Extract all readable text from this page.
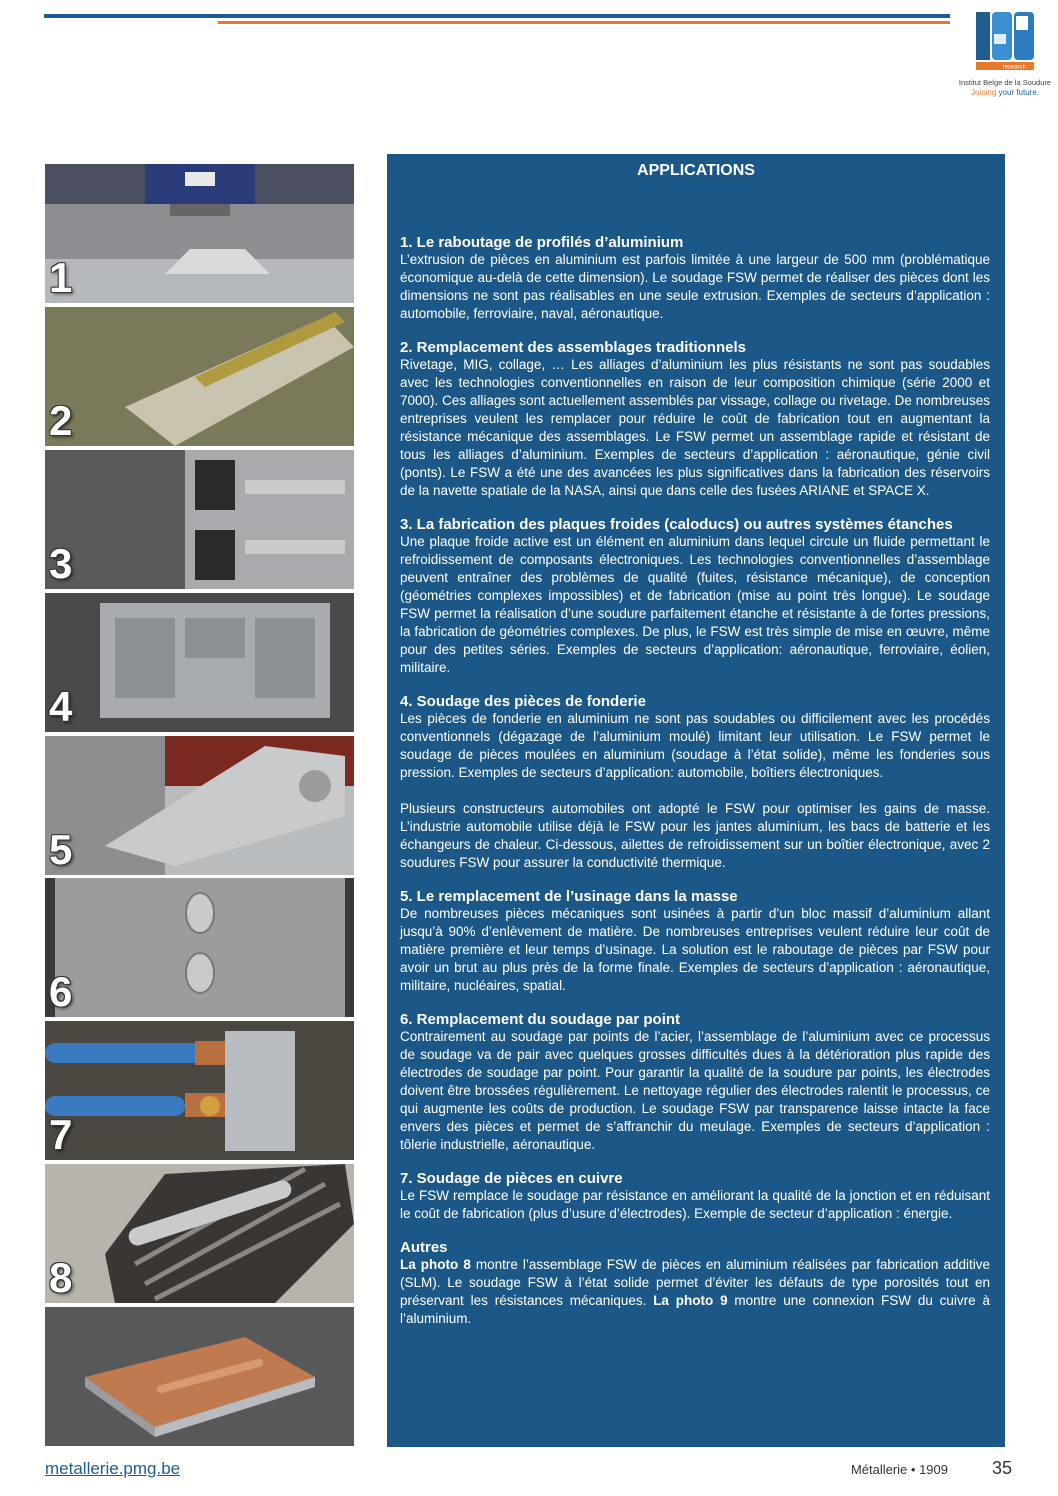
research
Institut Belge de la Soudure
Joining your future.
1
2
3
4
5
6
7
8
APPLICATIONS

1. Le raboutage de profilés d’aluminium

L’extrusion de pièces en aluminium est parfois limitée à une largeur de 500 mm (problématique économique au-delà de cette dimension). Le soudage FSW permet de réaliser des pièces dont les dimensions ne sont pas réalisables en une seule extrusion. Exemples de secteurs d’application : automobile, ferroviaire, naval, aéronautique.

2. Remplacement des assemblages traditionnels

Rivetage, MIG, collage, … Les alliages d’aluminium les plus résistants ne sont pas soudables avec les technologies conventionnelles en raison de leur composition chimique (série 2000 et 7000). Ces alliages sont actuellement assemblés par vissage, collage ou rivetage. De nombreuses entreprises veulent les remplacer pour réduire le coût de fabrication tout en augmentant la résistance mécanique des assemblages. Le FSW permet un assemblage rapide et résistant de tous les alliages d’aluminium. Exemples de secteurs d’application : aéronautique, génie civil (ponts). Le FSW a été une des avancées les plus significatives dans la fabrication des réservoirs de la navette spatiale de la NASA, ainsi que dans celle des fusées ARIANE et SPACE X.

3. La fabrication des plaques froides (caloducs) ou autres systèmes étanches

Une plaque froide active est un élément en aluminium dans lequel circule un fluide permettant le refroidissement de composants électroniques. Les technologies conventionnelles d’assemblage peuvent entraîner des problèmes de qualité (fuites, résistance mécanique), de conception (géométries complexes impossibles) et de fabrication (mise au point très longue). Le soudage FSW permet la réalisation d’une soudure parfaitement étanche et résistante à de fortes pressions, la fabrication de géométries complexes. De plus, le FSW est très simple de mise en œuvre, même pour des petites séries. Exemples de secteurs d’application: aéronautique, ferroviaire, éolien, militaire.

4. Soudage des pièces de fonderie

Les pièces de fonderie en aluminium ne sont pas soudables ou difficilement avec les procédés conventionnels (dégazage de l’aluminium moulé) limitant leur utilisation. Le FSW permet le soudage de pièces moulées en aluminium (soudage à l’état solide), même les fonderies sous pression. Exemples de secteurs d’application: automobile, boîtiers électroniques.

Plusieurs constructeurs automobiles ont adopté le FSW pour optimiser les gains de masse. L’industrie automobile utilise déjà le FSW pour les jantes aluminium, les bacs de batterie et les échangeurs de chaleur. Ci-dessous, ailettes de refroidissement sur un boîtier électronique, avec 2 soudures FSW pour assurer la conductivité thermique.

5. Le remplacement de l’usinage dans la masse

De nombreuses pièces mécaniques sont usinées à partir d’un bloc massif d’aluminium allant jusqu’à 90% d’enlèvement de matière. De nombreuses entreprises veulent réduire leur coût de matière première et leur temps d’usinage. La solution est le raboutage de pièces par FSW pour avoir un brut au plus près de la forme finale. Exemples de secteurs d’application : aéronautique, militaire, nucléaires, spatial.

6. Remplacement du soudage par point

Contrairement au soudage par points de l’acier, l’assemblage de l’aluminium avec ce processus de soudage va de pair avec quelques grosses difficultés dues à la détérioration plus rapide des électrodes de soudage par point. Pour garantir la qualité de la soudure par points, les électrodes doivent être brossées régulièrement. Le nettoyage régulier des électrodes ralentit le processus, ce qui augmente les coûts de production. Le soudage FSW par transparence laisse intacte la face envers des pièces et permet de s’affranchir du meulage. Exemples de secteurs d’application : tôlerie industrielle, aéronautique.

7. Soudage de pièces en cuivre

Le FSW remplace le soudage par résistance en améliorant la qualité de la jonction et en réduisant le coût de fabrication (plus d’usure d’électrodes). Exemple de secteur d’application : énergie.

Autres

La photo 8 montre l’assemblage FSW de pièces en aluminium réalisées par fabrication additive (SLM). Le soudage FSW à l’état solide permet d’éviter les défauts de type porosités tout en préservant les résistances mécaniques. La photo 9 montre une connexion FSW du cuivre à l’aluminium.

metallerie.pmg.be	Métallerie • 1909 35
